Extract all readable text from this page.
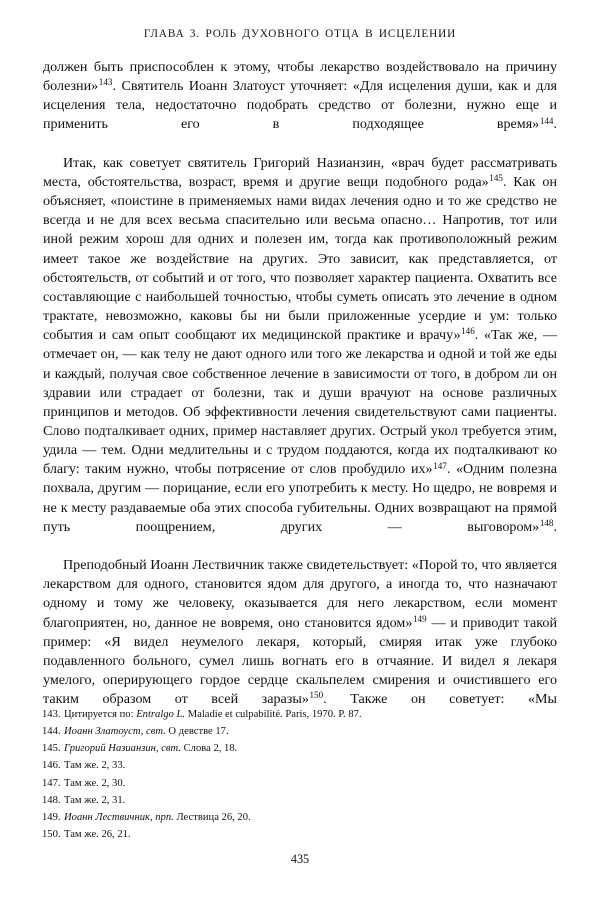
ГЛАВА 3. РОЛЬ ДУХОВНОГО ОТЦА В ИСЦЕЛЕНИИ

должен быть приспособлен к этому, чтобы лекарство воздействовало на причину болезни»$^{143}$. Святитель Иоанн Златоуст уточняет: «Для исцеления души, как и для исцеления тела, недостаточно подобрать средство от болезни, нужно еще и применить его в подходящее время»$^{144}$.

Итак, как советует святитель Григорий Назианзин, «врач будет рассматривать места, обстоятельства, возраст, время и другие вещи подобного рода»$^{145}$. Как он объясняет, «поистине в применяемых нами видах лечения одно и то же средство не всегда и не для всех весьма спасительно или весьма опасно… Напротив, тот или иной режим хорош для одних и полезен им, тогда как противоположный режим имеет такое же воздействие на других. Это зависит, как представляется, от обстоятельств, от событий и от того, что позволяет характер пациента. Охватить все составляющие с наибольшей точностью, чтобы суметь описать это лечение в одном трактате, невозможно, каковы бы ни были приложенные усердие и ум: только события и сам опыт сообщают их медицинской практике и врачу»$^{146}$. «Так же, — отмечает он, — как телу не дают одного или того же лекарства и одной и той же еды и каждый, получая свое собственное лечение в зависимости от того, в добром ли он здравии или страдает от болезни, так и души врачуют на основе различных принципов и методов. Об эффективности лечения свидетельствуют сами пациенты. Слово подталкивает одних, пример наставляет других. Острый укол требуется этим, удила — тем. Одни медлительны и с трудом поддаются, когда их подталкивают ко благу: таким нужно, чтобы потрясение от слов пробудило их»$^{147}$. «Одним полезна похвала, другим — порицание, если его употребить к месту. Но щедро, не вовремя и не к месту раздаваемые оба этих способа губительны. Одних возвращают на прямой путь поощрением, других — выговором»$^{148}$.

Преподобный Иоанн Лествичник также свидетельствует: «Порой то, что является лекарством для одного, становится ядом для другого, а иногда то, что назначают одному и тому же человеку, оказывается для него лекарством, если момент благоприятен, но, данное не вовремя, оно становится ядом»$^{149}$ — и приводит такой пример: «Я видел неумелого лекаря, который, смиряя итак уже глубоко подавленного больного, сумел лишь вогнать его в отчаяние. И видел я лекаря умелого, оперирующего гордое сердце скальпелем смирения и очистившего его таким образом от всей заразы»$^{150}$. Также он советует: «Мы

143. Цитируется по: Entralgo L. Maladie et culpabilité. Paris, 1970. P. 87.
144. Иоанн Златоуст, свт. О девстве 17.
145. Григорий Назианзин, свт. Слова 2, 18.
146. Там же. 2, 33.
147. Там же. 2, 30.
148. Там же. 2, 31.
149. Иоанн Лествичник, прп. Лествица 26, 20.
150. Там же. 26, 21.
435
